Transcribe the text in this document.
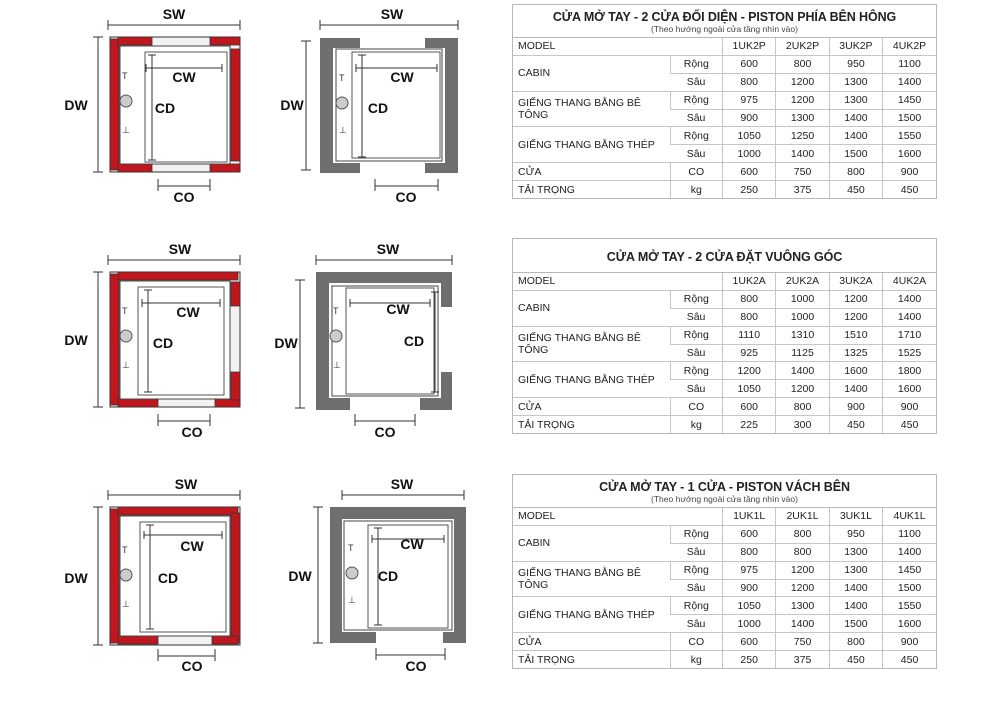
T
⊥
SW
DW
CW
CD
CO
T
⊥
SW
DW
CW
CD
CO
T
⊥
SW
DW
CW
CD
CO
T
⊥
SW
DW
CW
CD
CO
T
⊥
SW
DW
CW
CD
CO
T
⊥
SW
DW
CW
CD
CO
CỬA MỞ TAY - 2 CỬA ĐỐI DIỆN - PISTON PHÍA BÊN HÔNG
(Theo hướng ngoài cửa tầng nhìn vào)
MODEL		1UK2P	2UK2P	3UK2P	4UK2P
CABIN	Rộng	600	800	950	1100
	Sâu	800	1200	1300	1400
GIẾNG THANG BẰNG BÊ TÔNG	Rộng	975	1200	1300	1450
	Sâu	900	1300	1400	1500
GIẾNG THANG BẰNG THÉP	Rộng	1050	1250	1400	1550
	Sâu	1000	1400	1500	1600
CỬA	CO	600	750	800	900
TẢI TRỌNG	kg	250	375	450	450
CỬA MỞ TAY - 2 CỬA ĐẶT VUÔNG GÓC
MODEL		1UK2A	2UK2A	3UK2A	4UK2A
CABIN	Rộng	800	1000	1200	1400
	Sâu	800	1000	1200	1400
GIẾNG THANG BẰNG BÊ TÔNG	Rộng	1110	1310	1510	1710
	Sâu	925	1125	1325	1525
GIẾNG THANG BẰNG THÉP	Rộng	1200	1400	1600	1800
	Sâu	1050	1200	1400	1600
CỬA	CO	600	800	900	900
TẢI TRỌNG	kg	225	300	450	450
CỬA MỞ TAY - 1 CỬA - PISTON VÁCH BÊN
(Theo hướng ngoài cửa tầng nhìn vào)
MODEL		1UK1L	2UK1L	3UK1L	4UK1L
CABIN	Rộng	600	800	950	1100
	Sâu	800	800	1300	1400
GIẾNG THANG BẰNG BÊ TÔNG	Rộng	975	1200	1300	1450
	Sâu	900	1200	1400	1500
GIẾNG THANG BẰNG THÉP	Rộng	1050	1300	1400	1550
	Sâu	1000	1400	1500	1600
CỬA	CO	600	750	800	900
TẢI TRỌNG	kg	250	375	450	450
